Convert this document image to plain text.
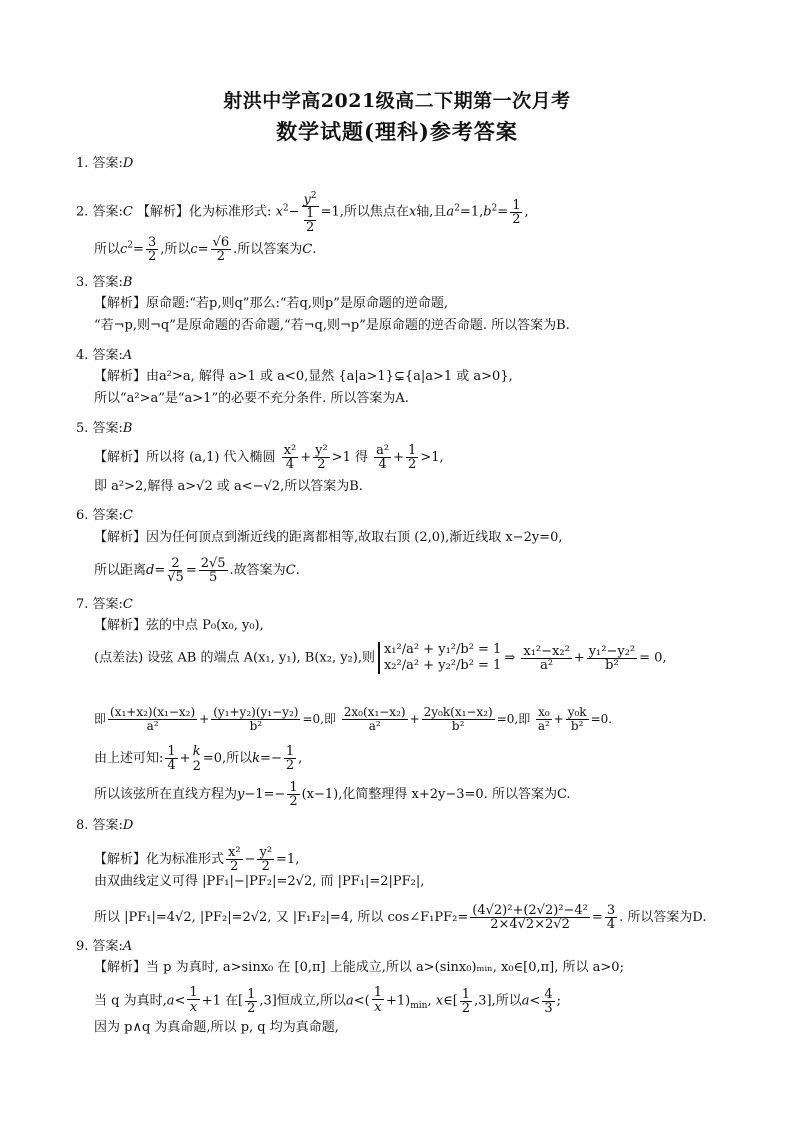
射洪中学高2021级高二下期第一次月考
数学试题(理科)参考答案
1. 答案:D
2. 答案:C 【解析】化为标准形式: $x^2- \frac{y^2}{\frac{1}{2}} =1$,所以焦点在x轴,且$a^2=1,b^2= \frac{1}{2}$ ,
所以$c^2= \frac{3}{2}$ ,所以$c= \frac{√6}{2}$ .所以答案为C.
3. 答案:B
【解析】原命题:“若p,则q”那么:“若q,则p”是原命题的逆命题,
“若¬p,则¬q”是原命题的否命题,“若¬q,则¬p”是原命题的逆否命题. 所以答案为B.
4. 答案:A
【解析】由a²>a, 解得 a>1 或 a<0,显然 {a|a>1}⊊{a|a>1 或 a>0},
所以“a²>a”是“a>1”的必要不充分条件. 所以答案为A.
5. 答案:B
【解析】所以将 (a,1) 代入椭圆 $\frac{\text{x²}}{4} + \frac{\text{y²}}{2} >1$ 得 $\frac{\text{a²}}{4} + \frac{1}{2} >1$,
即 a²>2,解得 a>√2 或 a<−√2,所以答案为B.
6. 答案:C
【解析】因为任何顶点到渐近线的距离都相等,故取右顶 (2,0),渐近线取 x−2y=0,
所以距离$d= \frac{2}{√5} = \frac{2√5}{5}$ .故答案为C.
7. 答案:C
【解析】弦的中点 P₀(x₀, y₀),
(点差法) 设弦 AB 的端点 A(x₁, y₁), B(x₂, y₂),则
x₁²/a² + y₁²/b² = 1
x₂²/a² + y₂²/b² = 1 ⇒ $\frac{\text{x₁²−x₂²}}{\text{a²}} + \frac{\text{y₁²−y₂²}}{\text{b²}} = 0$,
即 $\frac{\text{(x₁+x₂)(x₁−x₂)}}{\text{a²}} + \frac{\text{(y₁+y₂)(y₁−y₂)}}{\text{b²}} =0$,即 $\frac{\text{2x₀(x₁−x₂)}}{\text{a²}} + \frac{\text{2y₀k(x₁−x₂)}}{\text{b²}} =0$,即 $\frac{\text{x₀}}{\text{a²}} + \frac{\text{y₀k}}{\text{b²}} =0$.
由上述可知: $\frac{1}{4} + k$
2
=0,所以$k=- \frac{1}{2}$ ,
所以该弦所在直线方程为$y-1=- \frac{1}{2} (x-1)$,化简整理得 x+2y−3=0. 所以答案为C.
8. 答案:D
【解析】化为标准形式 $\frac{\text{x²}}{2} - \frac{\text{y²}}{2} =1$,
由双曲线定义可得 |PF₁|−|PF₂|=2√2, 而 |PF₁|=2|PF₂|,
所以 |PF₁|=4√2, |PF₂|=2√2, 又 |F₁F₂|=4, 所以 cos∠F₁PF₂= $\frac{\text{(4√2)²+(2√2)²−4²}}{2\times 4√2\times 2√2} = \frac{3}{4}$ . 所以答案为D.
9. 答案:A
【解析】当 p 为真时, a>sinx₀ 在 [0,π] 上能成立,所以 a>(sinx₀)ₘᵢₙ, x₀∈[0,π], 所以 a>0;
当 q 为真时$,a< \frac{1}{x} +1$ 在[ $\frac{1}{2} ,3$]恒成立,所以$a<( \frac{1}{x} +1)_{min}$, x∈[ $\frac{1}{2} ,3$],所以$a< \frac{4}{3}$ ;
因为 p∧q 为真命题,所以 p, q 均为真命题,
